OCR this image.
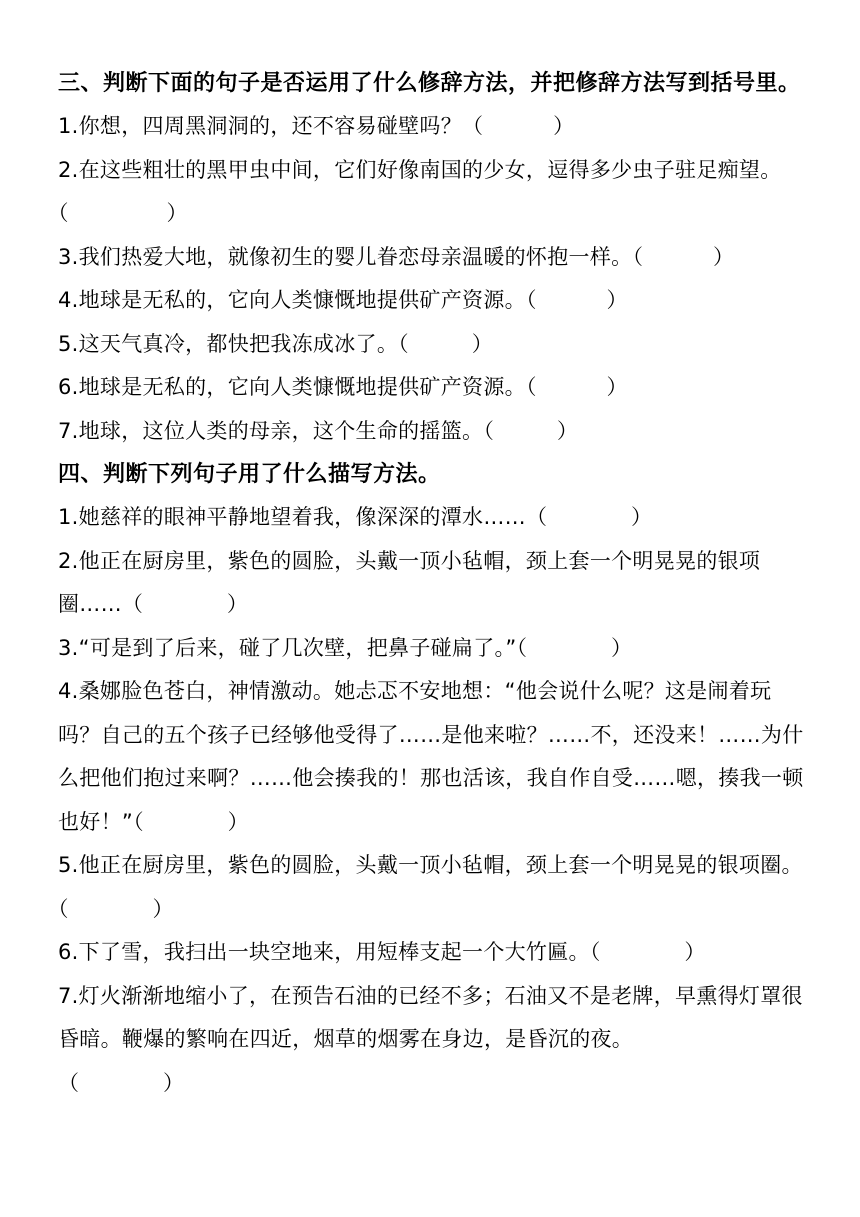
三、判断下面的句子是否运用了什么修辞方法，并把修辞方法写到括号里。

1.你想，四周黑洞洞的，还不容易碰壁吗？（          ）

2.在这些粗壮的黑甲虫中间，它们好像南国的少女，逗得多少虫子驻足痴望。（              ）

3.我们热爱大地，就像初生的婴儿眷恋母亲温暖的怀抱一样。（          ）

4.地球是无私的，它向人类慷慨地提供矿产资源。（          ）

5.这天气真冷，都快把我冻成冰了。（         ）

6.地球是无私的，它向人类慷慨地提供矿产资源。（          ）

7.地球，这位人类的母亲，这个生命的摇篮。（         ）

四、判断下列句子用了什么描写方法。

1.她慈祥的眼神平静地望着我，像深深的潭水……（            ）

2.他正在厨房里，紫色的圆脸，头戴一顶小毡帽，颈上套一个明晃晃的银项圈……（            ）

3.“可是到了后来，碰了几次壁，把鼻子碰扁了。”（            ）

4.桑娜脸色苍白，神情激动。她忐忑不安地想：“他会说什么呢？这是闹着玩吗？自己的五个孩子已经够他受得了……是他来啦？……不，还没来！……为什么把他们抱过来啊？……他会揍我的！那也活该，我自作自受……嗯，揍我一顿也好！”（            ）

5.他正在厨房里，紫色的圆脸，头戴一顶小毡帽，颈上套一个明晃晃的银项圈。（            ）

6.下了雪，我扫出一块空地来，用短棒支起一个大竹匾。（            ）

7.灯火渐渐地缩小了，在预告石油的已经不多；石油又不是老牌，早熏得灯罩很昏暗。鞭爆的繁响在四近，烟草的烟雾在身边，是昏沉的夜。
（            ）
